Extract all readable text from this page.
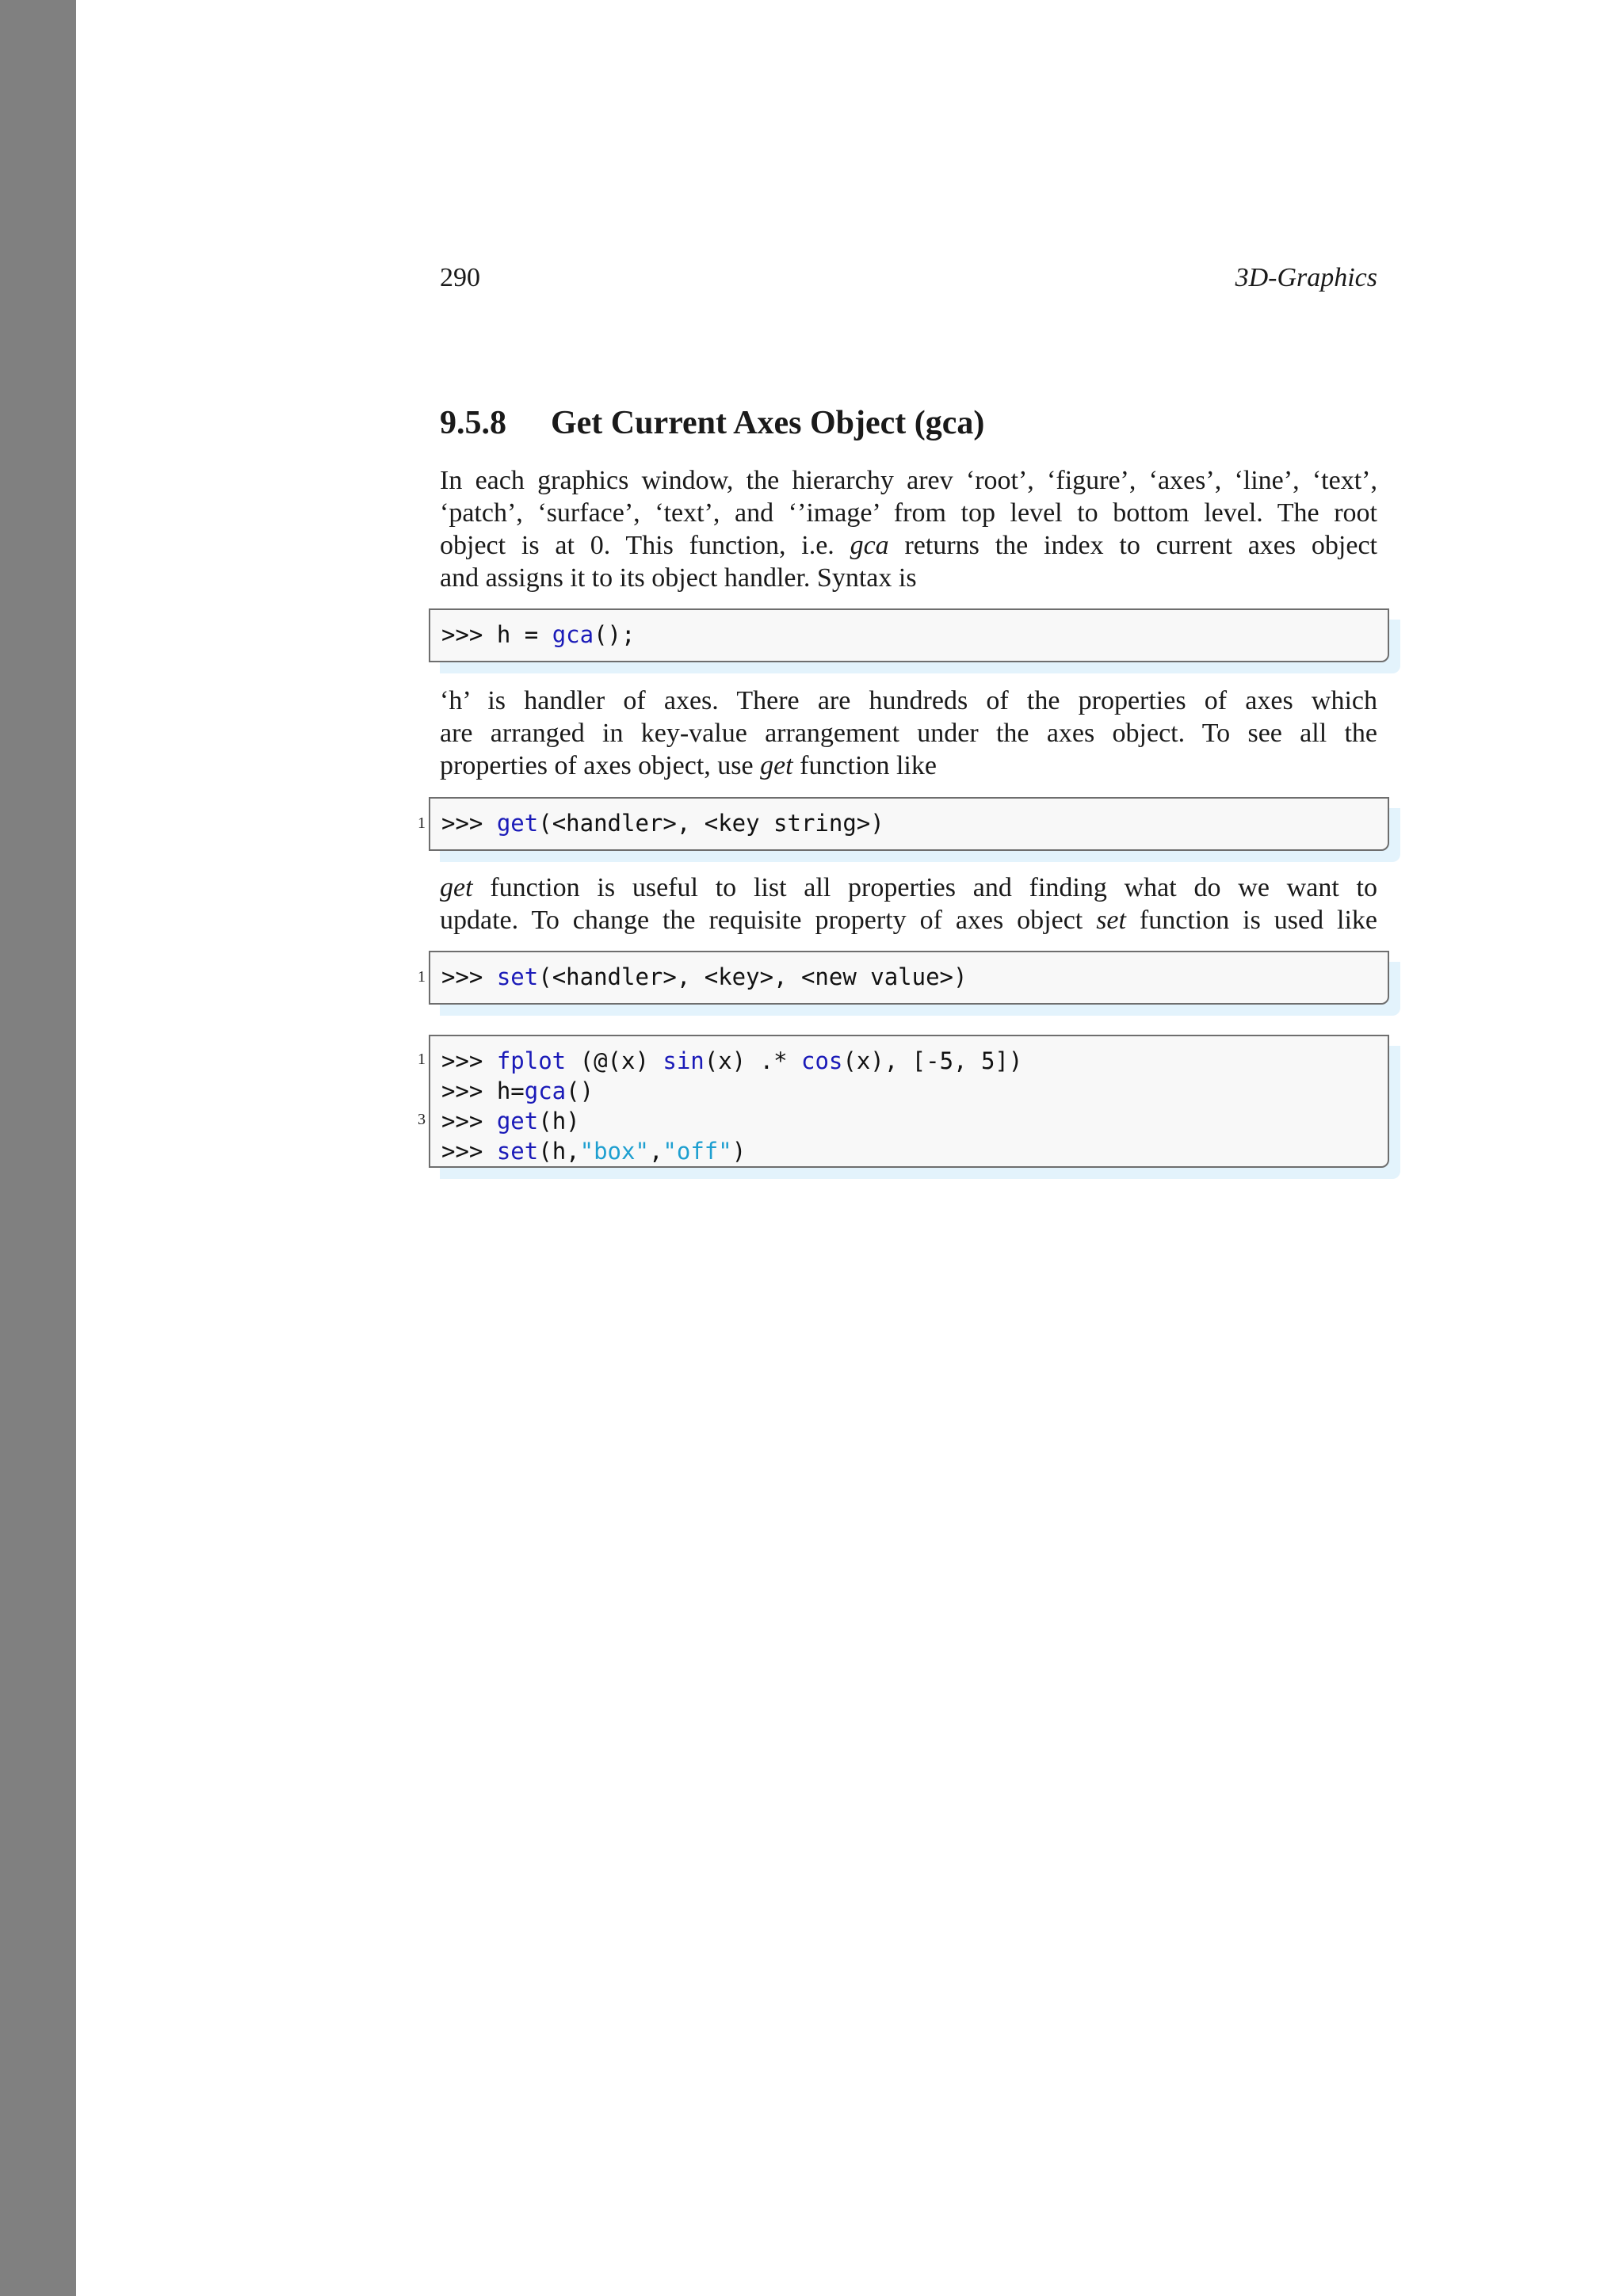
290	3D-Graphics
9.5.8 Get Current Axes Object (gca)

In each graphics window, the hierarchy arev ‘root’, ‘figure’, ‘axes’, ‘line’, ‘text’,
‘patch’, ‘surface’, ‘text’, and ‘’image’ from top level to bottom level. The root
object is at 0. This function, i.e. gca returns the index to current axes object
and assigns it to its object handler. Syntax is

>>> h = gca();

‘h’ is handler of axes. There are hundreds of the properties of axes which
are arranged in key-value arrangement under the axes object. To see all the
properties of axes object, use get function like

1 >>> get(<handler>, <key string>)

get function is useful to list all properties and finding what do we want to
update. To change the requisite property of axes object set function is used like

1 >>> set(<handler>, <key>, <new value>)
1
3
>>> fplot (@(x) sin(x) .* cos(x), [-5, 5])
>>> h=gca()
>>> get(h)
>>> set(h,"box","off")
